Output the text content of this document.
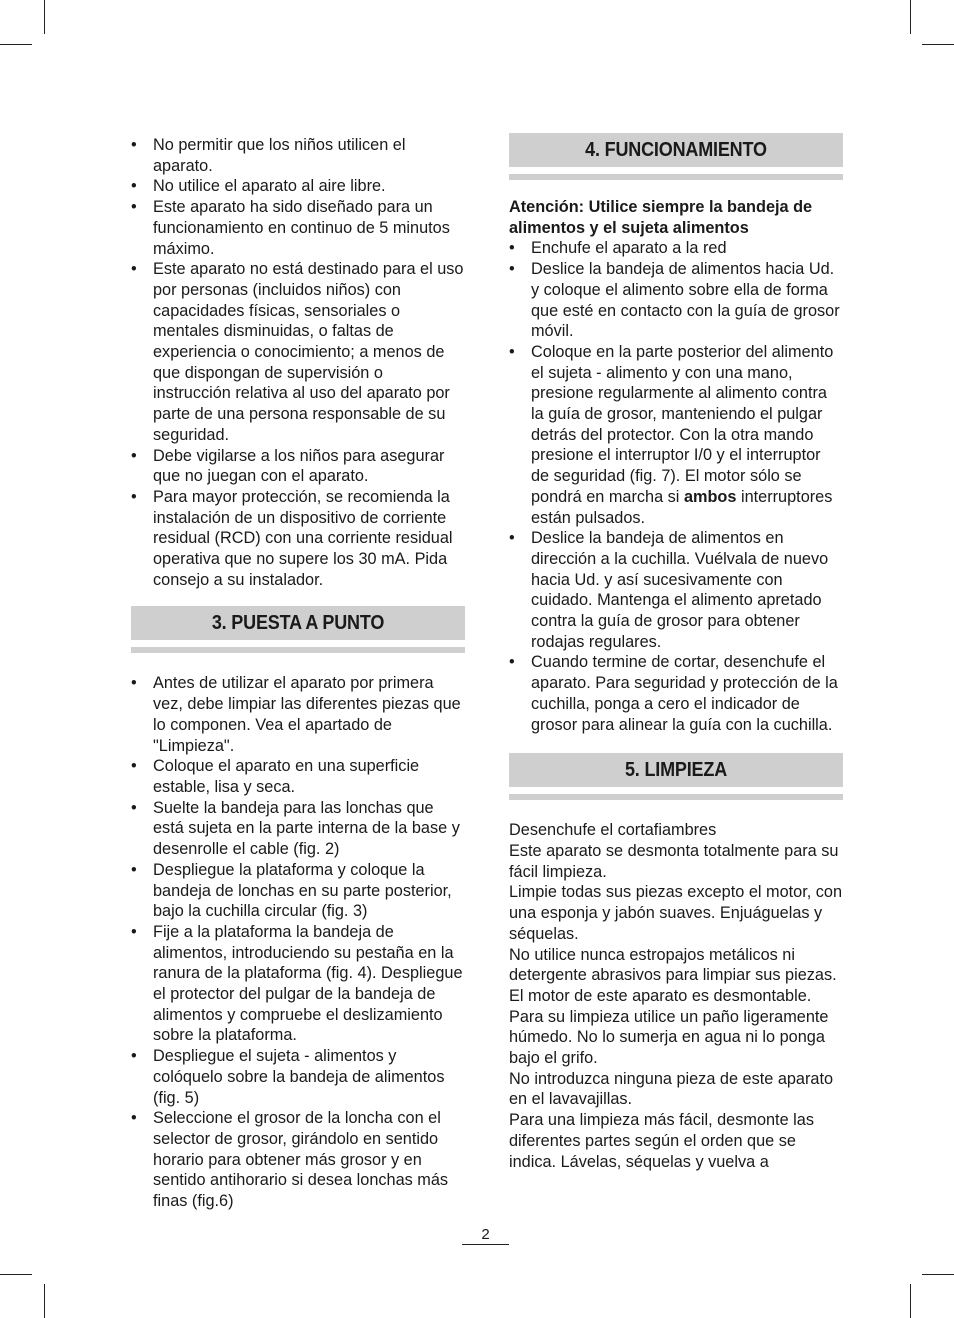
• No permitir que los niños utilicen el aparato.
• No utilice el aparato al aire libre.
• Este aparato ha sido diseñado para un funcionamiento en continuo de 5 minutos máximo.
• Este aparato no está destinado para el uso por personas (incluidos niños) con capacidades físicas, sensoriales o mentales disminuidas, o faltas de experiencia o conocimiento; a menos de que dispongan de supervisión o instrucción relativa al uso del aparato por parte de una persona responsable de su seguridad.
• Debe vigilarse a los niños para asegurar que no juegan con el aparato.
• Para mayor protección, se recomienda la instalación de un dispositivo de corriente residual (RCD) con una corriente residual operativa que no supere los 30 mA. Pida consejo a su instalador.
3. PUESTA A PUNTO
• Antes de utilizar el aparato por primera vez, debe limpiar las diferentes piezas que lo componen. Vea el apartado de "Limpieza".
• Coloque el aparato en una superficie estable, lisa y seca.
• Suelte la bandeja para las lonchas que está sujeta en la parte interna de la base y desenrolle el cable (fig. 2)
• Despliegue la plataforma y coloque la bandeja de lonchas en su parte posterior, bajo la cuchilla circular (fig. 3)
• Fije a la plataforma la bandeja de alimentos, introduciendo su pestaña en la ranura de la plataforma (fig. 4). Despliegue el protector del pulgar de la bandeja de alimentos y compruebe el deslizamiento sobre la plataforma.
• Despliegue el sujeta - alimentos y colóquelo sobre la bandeja de alimentos (fig. 5)
• Seleccione el grosor de la loncha con el selector de grosor, girándolo en sentido horario para obtener más grosor y en sentido antihorario si desea lonchas más finas (fig.6)
4. FUNCIONAMIENTO

Atención: Utilice siempre la bandeja de alimentos y el sujeta alimentos

• Enchufe el aparato a la red
• Deslice la bandeja de alimentos hacia Ud. y coloque el alimento sobre ella de forma que esté en contacto con la guía de grosor móvil.
• Coloque en la parte posterior del alimento el sujeta - alimento y con una mano, presione regularmente al alimento contra la guía de grosor, manteniendo el pulgar detrás del protector. Con la otra mando presione el interruptor I/0 y el interruptor de seguridad (fig. 7). El motor sólo se pondrá en marcha si ambos interruptores están pulsados.
• Deslice la bandeja de alimentos en dirección a la cuchilla. Vuélvala de nuevo hacia Ud. y así sucesivamente con cuidado. Mantenga el alimento apretado contra la guía de grosor para obtener rodajas regulares.
• Cuando termine de cortar, desenchufe el aparato. Para seguridad y protección de la cuchilla, ponga a cero el indicador de grosor para alinear la guía con la cuchilla.
5. LIMPIEZA

Desenchufe el cortafiambres

Este aparato se desmonta totalmente para su fácil limpieza.

Limpie todas sus piezas excepto el motor, con una esponja y jabón suaves. Enjuáguelas y séquelas.

No utilice nunca estropajos metálicos ni detergente abrasivos para limpiar sus piezas.

El motor de este aparato es desmontable. Para su limpieza utilice un paño ligeramente húmedo. No lo sumerja en agua ni lo ponga bajo el grifo.

No introduzca ninguna pieza de este aparato en el lavavajillas.

Para una limpieza más fácil, desmonte las diferentes partes según el orden que se indica. Lávelas, séquelas y vuelva a

2
